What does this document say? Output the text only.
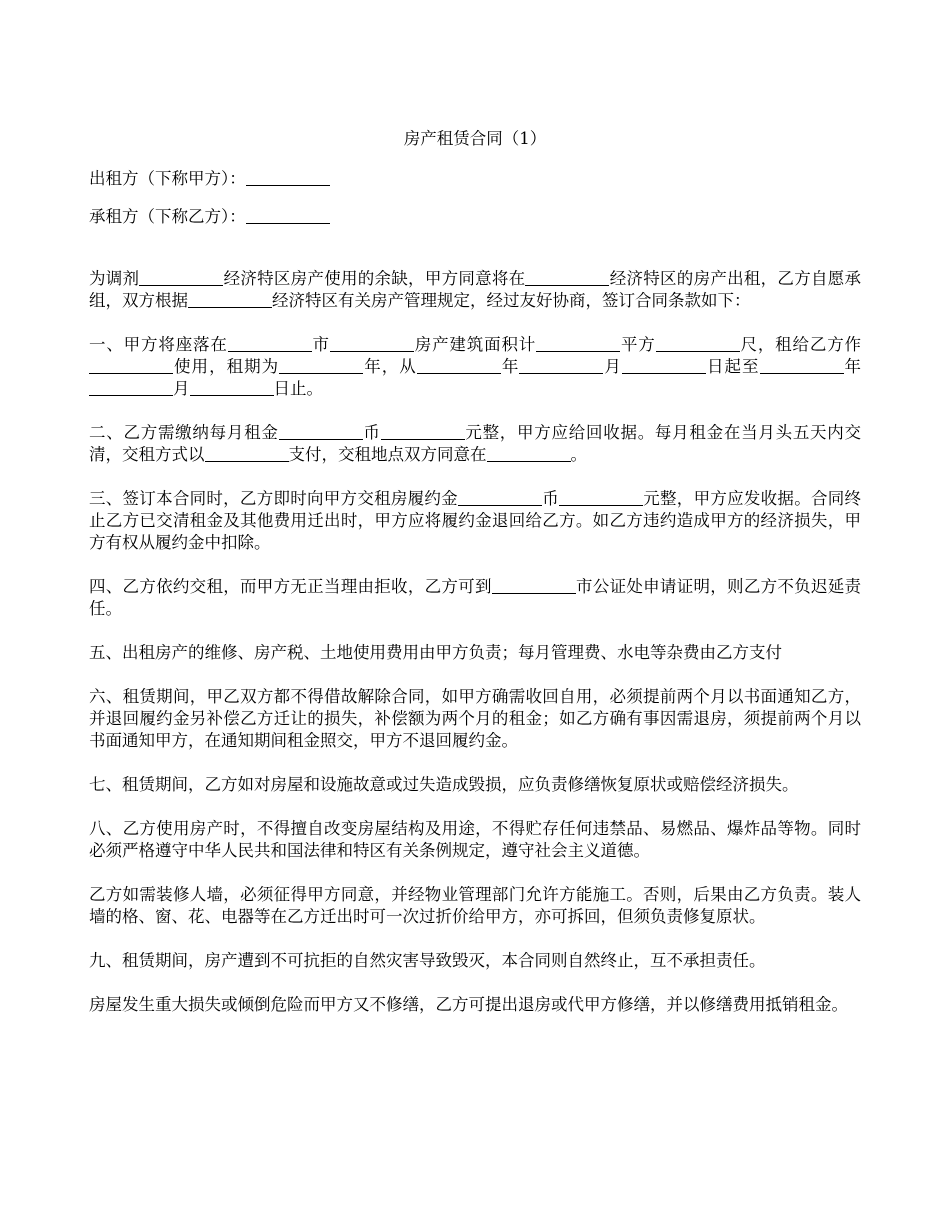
房产租赁合同（1）
出租方（下称甲方）：
承租方（下称乙方）：

为调剂	经济特区房产使用的余缺，甲方同意将在	经济特区的房产出租，乙方自愿承组，双方根据	经济特区有关房产管理规定，经过友好协商，签订合同条款如下：

一、甲方将座落在	市	房产建筑面积计	平方	尺，租给乙方作使用，租期为	年，从	年	月	日起至	年月	日止。

二、乙方需缴纳每月租金	币	元整，甲方应给回收据。每月租金在当月头五天内交清，交租方式以	支付，交租地点双方同意在	。

三、签订本合同时，乙方即时向甲方交租房履约金	币	元整，甲方应发收据。合同终止乙方已交清租金及其他费用迁出时，甲方应将履约金退回给乙方。如乙方违约造成甲方的经济损失，甲方有权从履约金中扣除。

四、乙方依约交租，而甲方无正当理由拒收，乙方可到	市公证处申请证明，则乙方不负迟延责任。

五、出租房产的维修、房产税、土地使用费用由甲方负责；每月管理费、水电等杂费由乙方支付

六、租赁期间，甲乙双方都不得借故解除合同，如甲方确需收回自用，必须提前两个月以书面通知乙方，并退回履约金另补偿乙方迁让的损失，补偿额为两个月的租金；如乙方确有事因需退房，须提前两个月以书面通知甲方，在通知期间租金照交，甲方不退回履约金。

七、租赁期间，乙方如对房屋和设施故意或过失造成毁损，应负责修缮恢复原状或赔偿经济损失。

八、乙方使用房产时，不得擅自改变房屋结构及用途，不得贮存任何违禁品、易燃品、爆炸品等物。同时必须严格遵守中华人民共和国法律和特区有关条例规定，遵守社会主义道德。

乙方如需装修人墙，必须征得甲方同意，并经物业管理部门允许方能施工。否则，后果由乙方负责。装人墙的格、窗、花、电器等在乙方迁出时可一次过折价给甲方，亦可拆回，但须负责修复原状。

九、租赁期间，房产遭到不可抗拒的自然灾害导致毁灭，本合同则自然终止，互不承担责任。

房屋发生重大损失或倾倒危险而甲方又不修缮，乙方可提出退房或代甲方修缮，并以修缮费用抵销租金。
